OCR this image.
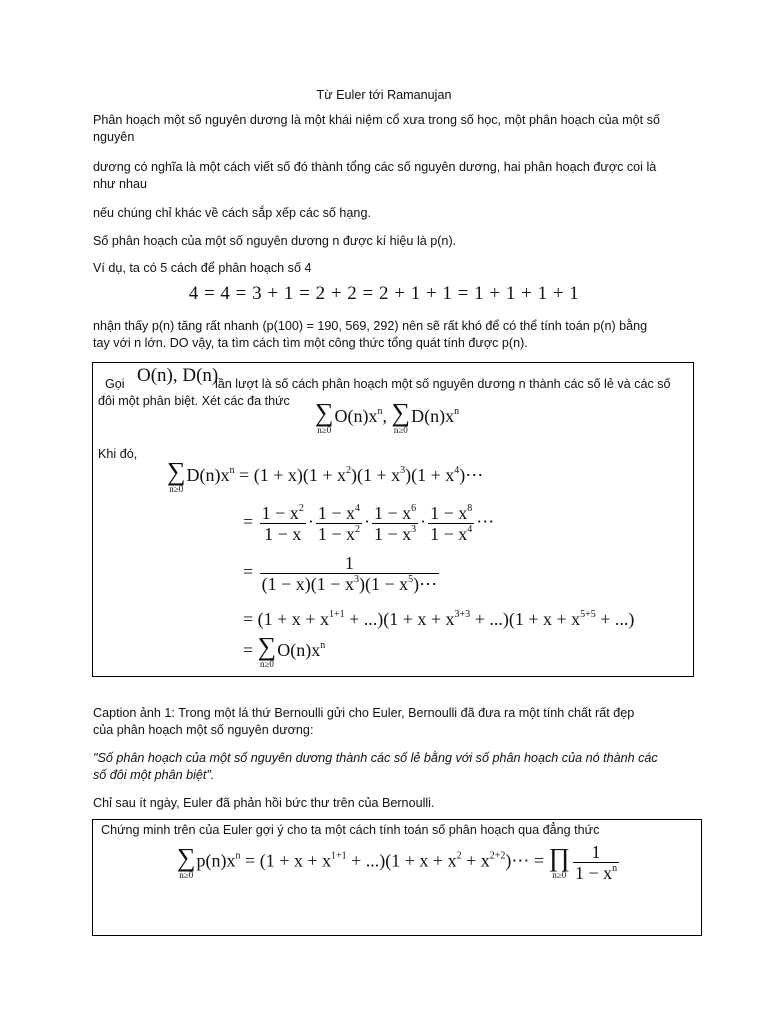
Từ Euler tới Ramanujan
Phân hoạch một số nguyên dương là một khái niệm cổ xưa trong số học, một phân hoạch của một số
nguyên
dương có nghĩa là một cách viết số đó thành tổng các số nguyên dương, hai phân hoạch được coi là
như nhau
nếu chúng chỉ khác về cách sắp xếp các số hạng.
Số phân hoạch của một số nguyên dương n được kí hiệu là p(n).
Ví dụ, ta có 5 cách để phân hoạch số 4
4 = 4 = 3 + 1 = 2 + 2 = 2 + 1 + 1 = 1 + 1 + 1 + 1
nhận thấy p(n) tăng rất nhanh (p(100) = 190, 569, 292) nên sẽ rất khó để có thể tính toán p(n) bằng
tay với n lớn. DO vậy, ta tìm cách tìm một công thức tổng quát tính được p(n).
Gọi O(n), D(n)
lần lượt là số cách phân hoạch một số nguyên dương n thành các số lẻ và các số
đôi một phân biệt. Xét các đa thức ∑
n≥0
$O(n)x^n$, ∑
n≥0
$D(n)x^n$
Khi đó,
∑
n≥0
$D(n)x^n = (1 + x)(1 + x^2)(1 + x^3)(1$ + $x^4)\cdots$
= $\frac{1 - x^2}{1 - x} \cdot \frac{1 - x^4}{1 - x^2} \cdot \frac{1 - x^6}{1 - x^3} \cdot \frac{1 - x^8}{1 - x^4}$ ⋯
= $\frac{1}{(1 - x)(1 - x^3)(1 - x^5)\cdots}$
= $(1 + x + x^{1+1} + ...)(1 + x + x^{3+3} + ...)(1 + x + x^{5+5}$ + ...)
= ∑
n≥0
$O(n)x^n$
Caption ảnh 1: Trong một lá thứ Bernoulli gửi cho Euler, Bernoulli đã đưa ra một tính chất rất đẹp
của phân hoạch một số nguyên dương:
"Số phân hoạch của một số nguyên dương thành các số lẻ bằng với số phân hoạch của nó thành các
số đôi một phân biệt".
Chỉ sau ít ngày, Euler đã phản hồi bức thư trên của Bernoulli.
Chứng minh trên của Euler gợi ý cho ta một cách tính toán số phân hoạch qua đẳng thức
∑
n≥0
$p(n)x^n = (1 + x + x^{1+1} + ...)(1 + x + x^2$ + $x^{2+2})\cdots$ = ∏
$n\ge 0 \frac{1}{1 - x^n}$
